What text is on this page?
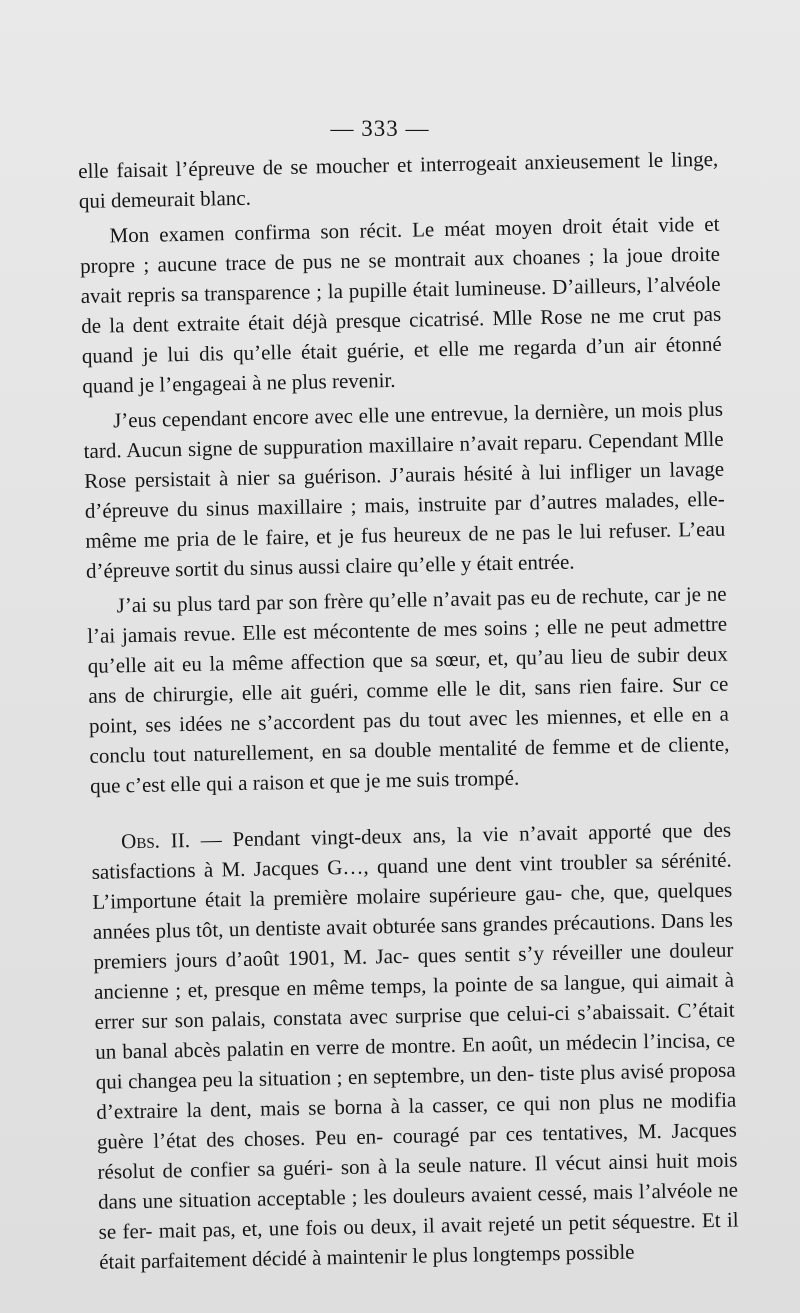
— 333 —

elle faisait l’épreuve de se moucher et interrogeait anxieusement le linge, qui demeurait blanc.

Mon examen confirma son récit. Le méat moyen droit était vide et propre ; aucune trace de pus ne se montrait aux choanes ; la joue droite avait repris sa transparence ; la pupille était lumineuse. D’ailleurs, l’alvéole de la dent extraite était déjà presque cicatrisé. Mlle Rose ne me crut pas quand je lui dis qu’elle était guérie, et elle me regarda d’un air étonné quand je l’engageai à ne plus revenir.

J’eus cependant encore avec elle une entrevue, la dernière, un mois plus tard. Aucun signe de suppuration maxillaire n’avait reparu. Cependant Mlle Rose persistait à nier sa guérison. J’aurais hésité à lui infliger un lavage d’épreuve du sinus maxillaire ; mais, instruite par d’autres malades, elle-même me pria de le faire, et je fus heureux de ne pas le lui refuser. L’eau d’épreuve sortit du sinus aussi claire qu’elle y était entrée.

J’ai su plus tard par son frère qu’elle n’avait pas eu de rechute, car je ne l’ai jamais revue. Elle est mécontente de mes soins ; elle ne peut admettre qu’elle ait eu la même affection que sa sœur, et, qu’au lieu de subir deux ans de chirurgie, elle ait guéri, comme elle le dit, sans rien faire. Sur ce point, ses idées ne s’accordent pas du tout avec les miennes, et elle en a conclu tout naturellement, en sa double mentalité de femme et de cliente, que c’est elle qui a raison et que je me suis trompé.

Obs. II. — Pendant vingt-deux ans, la vie n’avait apporté que des satisfactions à M. Jacques G…, quand une dent vint troubler sa sérénité. L’importune était la première molaire supérieure gau- che, que, quelques années plus tôt, un dentiste avait obturée sans grandes précautions. Dans les premiers jours d’août 1901, M. Jac- ques sentit s’y réveiller une douleur ancienne ; et, presque en même temps, la pointe de sa langue, qui aimait à errer sur son palais, constata avec surprise que celui-ci s’abaissait. C’était un banal abcès palatin en verre de montre. En août, un médecin l’incisa, ce qui changea peu la situation ; en septembre, un den- tiste plus avisé proposa d’extraire la dent, mais se borna à la casser, ce qui non plus ne modifia guère l’état des choses. Peu en- couragé par ces tentatives, M. Jacques résolut de confier sa guéri- son à la seule nature. Il vécut ainsi huit mois dans une situation acceptable ; les douleurs avaient cessé, mais l’alvéole ne se fer- mait pas, et, une fois ou deux, il avait rejeté un petit séquestre. Et il était parfaitement décidé à maintenir le plus longtemps possible
